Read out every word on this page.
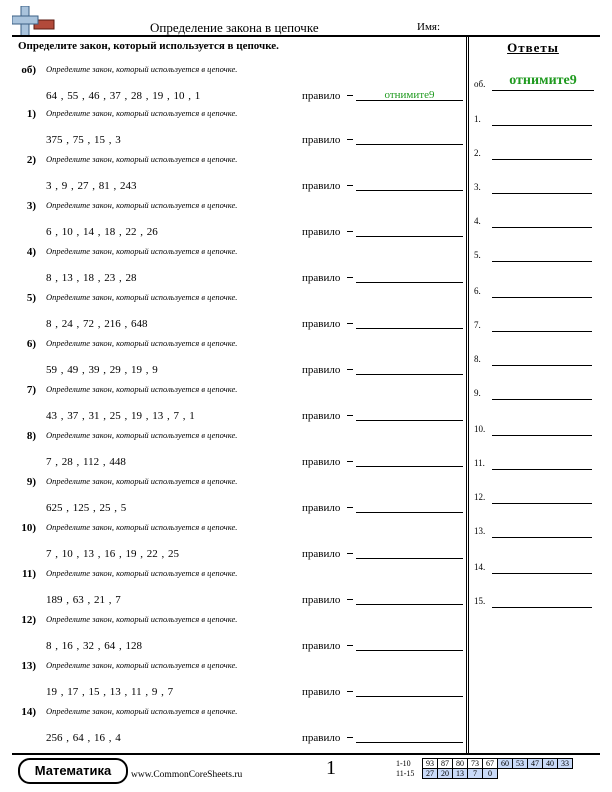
Определение закона в цепочке	Имя:
Определите закон, который используется в цепочке.	Ответы
об) Определите закон, который используется в цепочке.
64 , 55 , 46 , 37 , 28 , 19 , 10 , 1	правило	отнимите9
1) Определите закон, который используется в цепочке.
375 , 75 , 15 , 3	правило
2) Определите закон, который используется в цепочке.
3 , 9 , 27 , 81 , 243	правило
3) Определите закон, который используется в цепочке.
6 , 10 , 14 , 18 , 22 , 26	правило
4) Определите закон, который используется в цепочке.
8 , 13 , 18 , 23 , 28	правило
5) Определите закон, который используется в цепочке.
8 , 24 , 72 , 216 , 648	правило
6) Определите закон, который используется в цепочке.
59 , 49 , 39 , 29 , 19 , 9	правило
7) Определите закон, который используется в цепочке.
43 , 37 , 31 , 25 , 19 , 13 , 7 , 1	правило
8) Определите закон, который используется в цепочке.
7 , 28 , 112 , 448	правило
9) Определите закон, который используется в цепочке.
625 , 125 , 25 , 5	правило
10) Определите закон, который используется в цепочке.
7 , 10 , 13 , 16 , 19 , 22 , 25	правило
11) Определите закон, который используется в цепочке.
189 , 63 , 21 , 7	правило
12) Определите закон, который используется в цепочке.
8 , 16 , 32 , 64 , 128	правило
13) Определите закон, который используется в цепочке.
19 , 17 , 15 , 13 , 11 , 9 , 7	правило
14) Определите закон, который используется в цепочке.
256 , 64 , 16 , 4	правило
об.	отнимите9
1.
2.
3.
4.
5.
6.
7.
8.
9.
10.
11.
12.
13.
14.
15.
Математика	www.CommonCoreSheets.ru	1	1-10	93	87	80	73	67	60	53	47	40	33
11-15	27	20	13	7	0					
